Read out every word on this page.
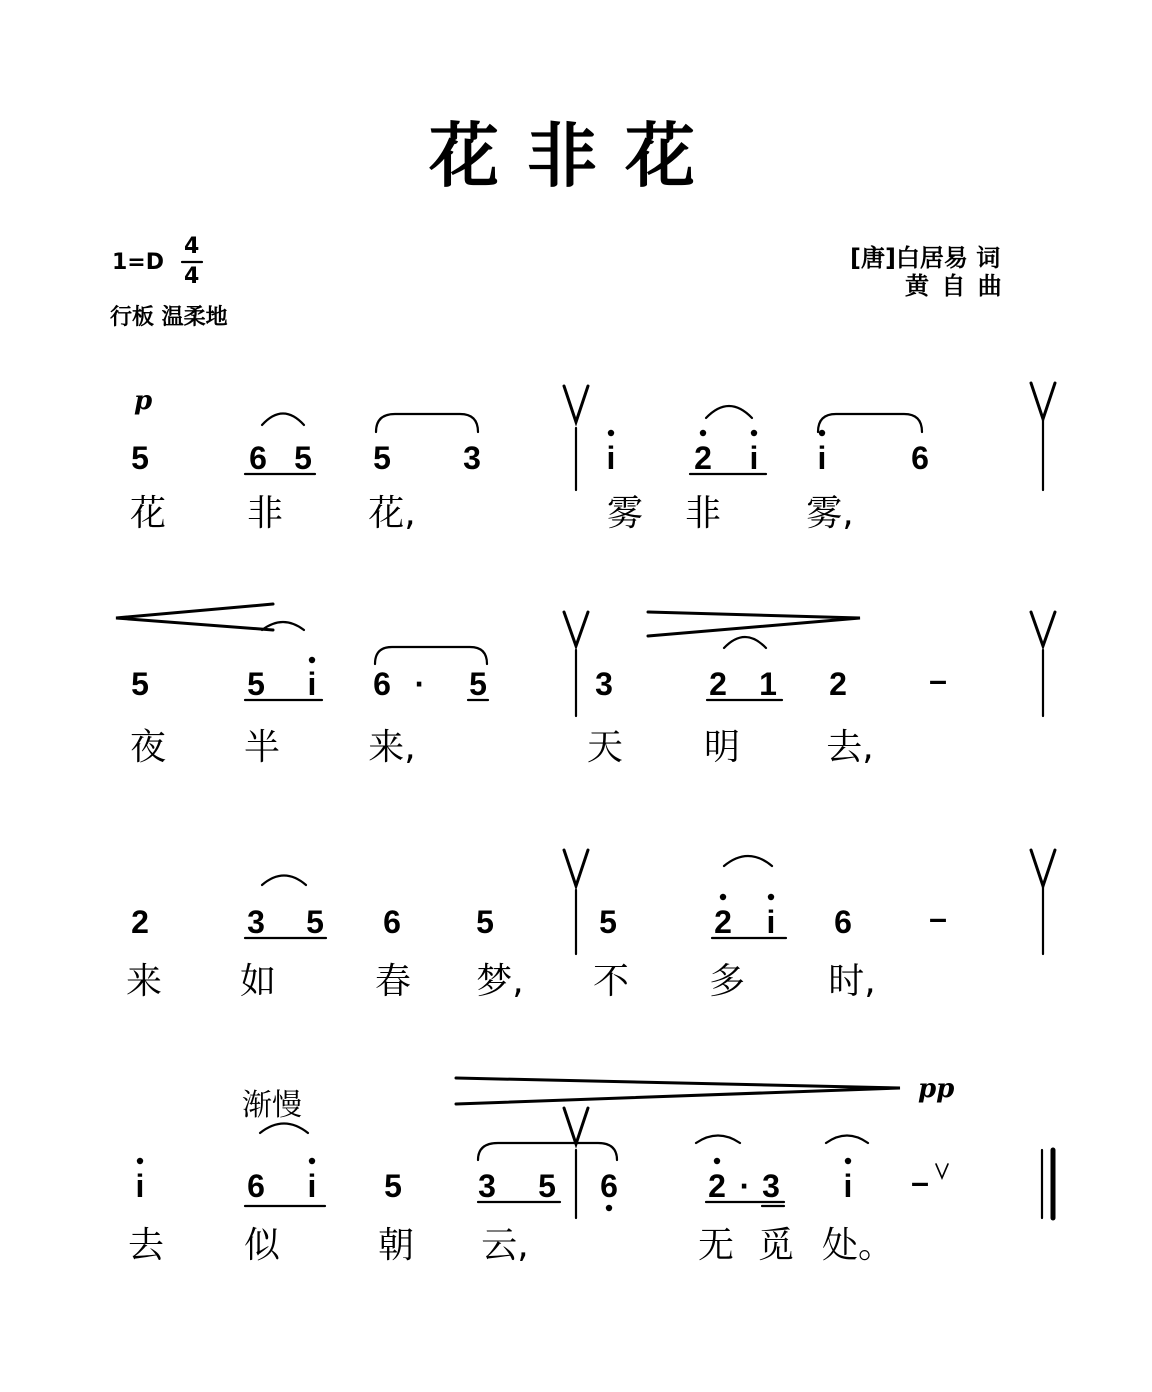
花非花
1=D
4
4
行板 温柔地
[唐]白居易 词
黄 自 曲
p
pp
渐慢
5	6 5 5 3	i 2 i i	6
花 非 花,	雾 非 雾,
5	5 i 6 · 5	3	2 1 2	–
夜 半 来,	天 明 去,
2	3 5 6 5	5	2 i 6 –
来 如	春 梦, 不 多 时,
i	6 i 5 3 5 6	2 · 3 i –
去 似	朝 云,	无 觅 处。
